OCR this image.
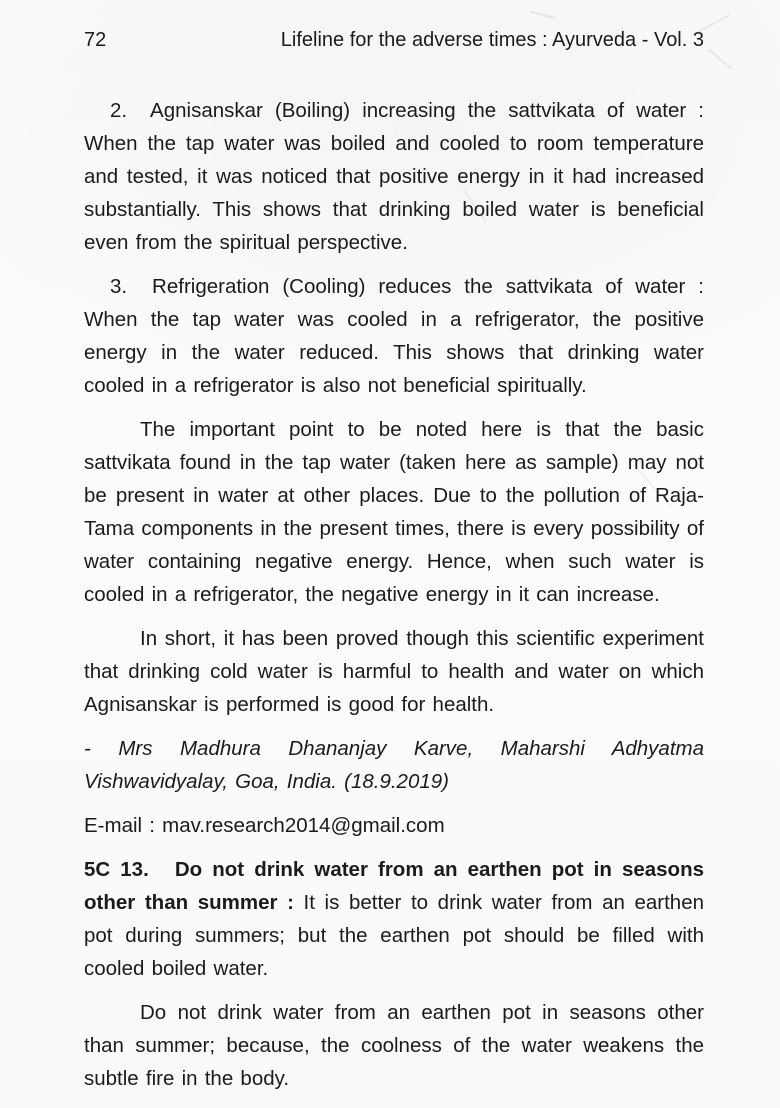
72	Lifeline for the adverse times : Ayurveda - Vol. 3

2. Agnisanskar (Boiling) increasing the sattvikata of water : When the tap water was boiled and cooled to room temperature and tested, it was noticed that positive energy in it had increased substantially. This shows that drinking boiled water is beneficial even from the spiritual perspective.

3. Refrigeration (Cooling) reduces the sattvikata of water : When the tap water was cooled in a refrigerator, the positive energy in the water reduced. This shows that drinking water cooled in a refrigerator is also not beneficial spiritually.

The important point to be noted here is that the basic sattvikata found in the tap water (taken here as sample) may not be present in water at other places. Due to the pollution of Raja-Tama components in the present times, there is every possibility of water containing negative energy. Hence, when such water is cooled in a refrigerator, the negative energy in it can increase.

In short, it has been proved though this scientific experiment that drinking cold water is harmful to health and water on which Agnisanskar is performed is good for health.

- Mrs Madhura Dhananjay Karve, Maharshi Adhyatma Vishwavidyalay, Goa, India. (18.9.2019)

E-mail : mav.research2014@gmail.com

5C 13. Do not drink water from an earthen pot in seasons other than summer : It is better to drink water from an earthen pot during summers; but the earthen pot should be filled with cooled boiled water.

Do not drink water from an earthen pot in seasons other than summer; because, the coolness of the water weakens the subtle fire in the body.
